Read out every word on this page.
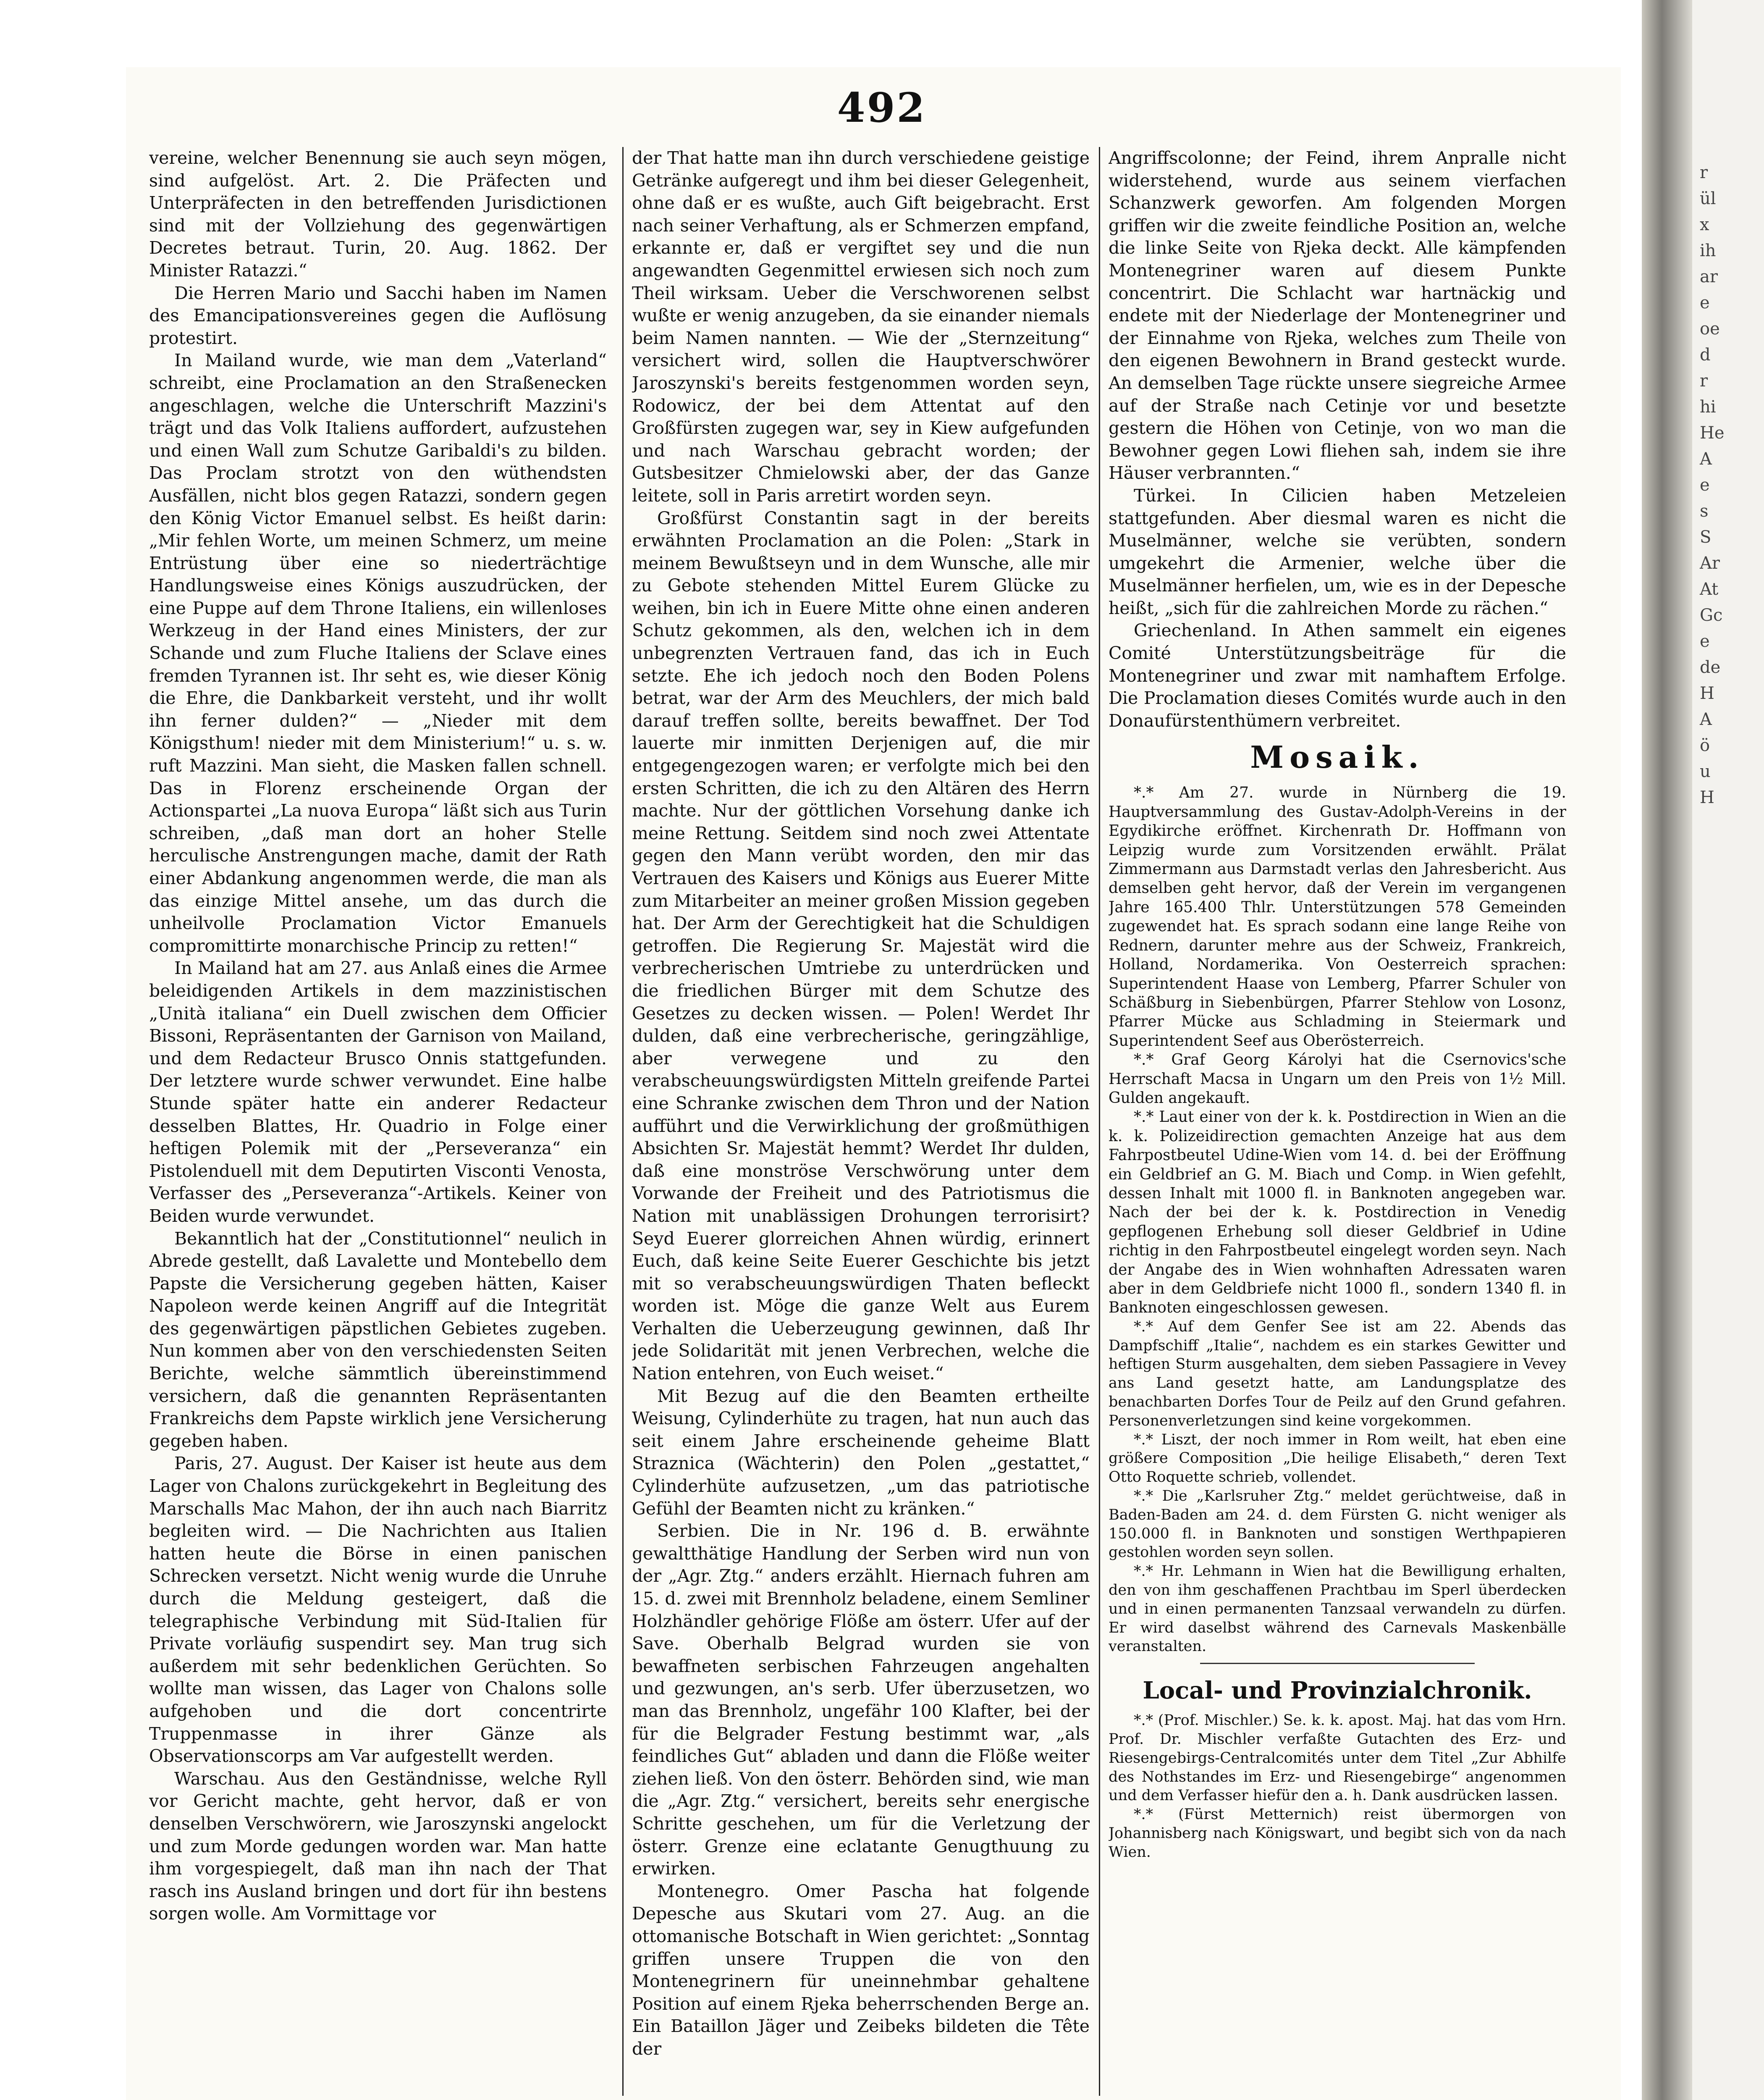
r
ül
x
ih
ar
e
oe
d
r
hi
He
A
e
s
S
Ar
At
Gc
e
de
H
A
ö
u
H
492

vereine, welcher Benennung sie auch seyn mögen, sind aufgelöst. Art. 2. Die Präfecten und Unterpräfecten in den betreffenden Jurisdictionen sind mit der Vollziehung des gegenwärtigen Decretes betraut. Turin, 20. Aug. 1862. Der Minister Ratazzi.“

Die Herren Mario und Sacchi haben im Namen des Emancipationsvereines gegen die Auflösung protestirt.

In Mailand wurde, wie man dem „Vaterland“ schreibt, eine Proclamation an den Straßenecken angeschlagen, welche die Unterschrift Mazzini's trägt und das Volk Italiens auffordert, aufzustehen und einen Wall zum Schutze Garibaldi's zu bilden. Das Proclam strotzt von den wüthendsten Ausfällen, nicht blos gegen Ratazzi, sondern gegen den König Victor Emanuel selbst. Es heißt darin: „Mir fehlen Worte, um meinen Schmerz, um meine Entrüstung über eine so niederträchtige Handlungsweise eines Königs auszudrücken, der eine Puppe auf dem Throne Italiens, ein willenloses Werkzeug in der Hand eines Ministers, der zur Schande und zum Fluche Italiens der Sclave eines fremden Tyrannen ist. Ihr seht es, wie dieser König die Ehre, die Dankbarkeit versteht, und ihr wollt ihn ferner dulden?“ — „Nieder mit dem Königsthum! nieder mit dem Ministerium!“ u. s. w. ruft Mazzini. Man sieht, die Masken fallen schnell. Das in Florenz erscheinende Organ der Actionspartei „La nuova Europa“ läßt sich aus Turin schreiben, „daß man dort an hoher Stelle herculische Anstrengungen mache, damit der Rath einer Abdankung angenommen werde, die man als das einzige Mittel ansehe, um das durch die unheilvolle Proclamation Victor Emanuels compromittirte monarchische Princip zu retten!“

In Mailand hat am 27. aus Anlaß eines die Armee beleidigenden Artikels in dem mazzinistischen „Unità italiana“ ein Duell zwischen dem Officier Bissoni, Repräsentanten der Garnison von Mailand, und dem Redacteur Brusco Onnis stattgefunden. Der letztere wurde schwer verwundet. Eine halbe Stunde später hatte ein anderer Redacteur desselben Blattes, Hr. Quadrio in Folge einer heftigen Polemik mit der „Perseveranza“ ein Pistolenduell mit dem Deputirten Visconti Venosta, Verfasser des „Perseveranza“-Artikels. Keiner von Beiden wurde verwundet.

Bekanntlich hat der „Constitutionnel“ neulich in Abrede gestellt, daß Lavalette und Montebello dem Papste die Versicherung gegeben hätten, Kaiser Napoleon werde keinen Angriff auf die Integrität des gegenwärtigen päpstlichen Gebietes zugeben. Nun kommen aber von den verschiedensten Seiten Berichte, welche sämmtlich übereinstimmend versichern, daß die genannten Repräsentanten Frankreichs dem Papste wirklich jene Versicherung gegeben haben.

Paris, 27. August. Der Kaiser ist heute aus dem Lager von Chalons zurückgekehrt in Begleitung des Marschalls Mac Mahon, der ihn auch nach Biarritz begleiten wird. — Die Nachrichten aus Italien hatten heute die Börse in einen panischen Schrecken versetzt. Nicht wenig wurde die Unruhe durch die Meldung gesteigert, daß die telegraphische Verbindung mit Süd-Italien für Private vorläufig suspendirt sey. Man trug sich außerdem mit sehr bedenklichen Gerüchten. So wollte man wissen, das Lager von Chalons solle aufgehoben und die dort concentrirte Truppenmasse in ihrer Gänze als Observationscorps am Var aufgestellt werden.

Warschau. Aus den Geständnisse, welche Ryll vor Gericht machte, geht hervor, daß er von denselben Verschwörern, wie Jaroszynski angelockt und zum Morde gedungen worden war. Man hatte ihm vorgespiegelt, daß man ihn nach der That rasch ins Ausland bringen und dort für ihn bestens sorgen wolle. Am Vormittage vor

der That hatte man ihn durch verschiedene geistige Getränke aufgeregt und ihm bei dieser Gelegenheit, ohne daß er es wußte, auch Gift beigebracht. Erst nach seiner Verhaftung, als er Schmerzen empfand, erkannte er, daß er vergiftet sey und die nun angewandten Gegenmittel erwiesen sich noch zum Theil wirksam. Ueber die Verschworenen selbst wußte er wenig anzugeben, da sie einander niemals beim Namen nannten. — Wie der „Sternzeitung“ versichert wird, sollen die Hauptverschwörer Jaroszynski's bereits festgenommen worden seyn, Rodowicz, der bei dem Attentat auf den Großfürsten zugegen war, sey in Kiew aufgefunden und nach Warschau gebracht worden; der Gutsbesitzer Chmielowski aber, der das Ganze leitete, soll in Paris arretirt worden seyn.

Großfürst Constantin sagt in der bereits erwähnten Proclamation an die Polen: „Stark in meinem Bewußtseyn und in dem Wunsche, alle mir zu Gebote stehenden Mittel Eurem Glücke zu weihen, bin ich in Euere Mitte ohne einen anderen Schutz gekommen, als den, welchen ich in dem unbegrenzten Vertrauen fand, das ich in Euch setzte. Ehe ich jedoch noch den Boden Polens betrat, war der Arm des Meuchlers, der mich bald darauf treffen sollte, bereits bewaffnet. Der Tod lauerte mir inmitten Derjenigen auf, die mir entgegengezogen waren; er verfolgte mich bei den ersten Schritten, die ich zu den Altären des Herrn machte. Nur der göttlichen Vorsehung danke ich meine Rettung. Seitdem sind noch zwei Attentate gegen den Mann verübt worden, den mir das Vertrauen des Kaisers und Königs aus Euerer Mitte zum Mitarbeiter an meiner großen Mission gegeben hat. Der Arm der Gerechtigkeit hat die Schuldigen getroffen. Die Regierung Sr. Majestät wird die verbrecherischen Umtriebe zu unterdrücken und die friedlichen Bürger mit dem Schutze des Gesetzes zu decken wissen. — Polen! Werdet Ihr dulden, daß eine verbrecherische, geringzählige, aber verwegene und zu den verabscheuungswürdigsten Mitteln greifende Partei eine Schranke zwischen dem Thron und der Nation aufführt und die Verwirklichung der großmüthigen Absichten Sr. Majestät hemmt? Werdet Ihr dulden, daß eine monströse Verschwörung unter dem Vorwande der Freiheit und des Patriotismus die Nation mit unablässigen Drohungen terrorisirt? Seyd Euerer glorreichen Ahnen würdig, erinnert Euch, daß keine Seite Euerer Geschichte bis jetzt mit so verabscheuungswürdigen Thaten befleckt worden ist. Möge die ganze Welt aus Eurem Verhalten die Ueberzeugung gewinnen, daß Ihr jede Solidarität mit jenen Verbrechen, welche die Nation entehren, von Euch weiset.“

Mit Bezug auf die den Beamten ertheilte Weisung, Cylinderhüte zu tragen, hat nun auch das seit einem Jahre erscheinende geheime Blatt Straznica (Wächterin) den Polen „gestattet,“ Cylinderhüte aufzusetzen, „um das patriotische Gefühl der Beamten nicht zu kränken.“

Serbien. Die in Nr. 196 d. B. erwähnte gewaltthätige Handlung der Serben wird nun von der „Agr. Ztg.“ anders erzählt. Hiernach fuhren am 15. d. zwei mit Brennholz beladene, einem Semliner Holzhändler gehörige Flöße am österr. Ufer auf der Save. Oberhalb Belgrad wurden sie von bewaffneten serbischen Fahrzeugen angehalten und gezwungen, an's serb. Ufer überzusetzen, wo man das Brennholz, ungefähr 100 Klafter, bei der für die Belgrader Festung bestimmt war, „als feindliches Gut“ abladen und dann die Flöße weiter ziehen ließ. Von den österr. Behörden sind, wie man die „Agr. Ztg.“ versichert, bereits sehr energische Schritte geschehen, um für die Verletzung der österr. Grenze eine eclatante Genugthuung zu erwirken.

Montenegro. Omer Pascha hat folgende Depesche aus Skutari vom 27. Aug. an die ottomanische Botschaft in Wien gerichtet: „Sonntag griffen unsere Truppen die von den Montenegrinern für uneinnehmbar gehaltene Position auf einem Rjeka beherrschenden Berge an. Ein Bataillon Jäger und Zeibeks bildeten die Tête der

Angriffscolonne; der Feind, ihrem Anpralle nicht widerstehend, wurde aus seinem vierfachen Schanzwerk geworfen. Am folgenden Morgen griffen wir die zweite feindliche Position an, welche die linke Seite von Rjeka deckt. Alle kämpfenden Montenegriner waren auf diesem Punkte concentrirt. Die Schlacht war hartnäckig und endete mit der Niederlage der Montenegriner und der Einnahme von Rjeka, welches zum Theile von den eigenen Bewohnern in Brand gesteckt wurde. An demselben Tage rückte unsere siegreiche Armee auf der Straße nach Cetinje vor und besetzte gestern die Höhen von Cetinje, von wo man die Bewohner gegen Lowi fliehen sah, indem sie ihre Häuser verbrannten.“

Türkei. In Cilicien haben Metzeleien stattgefunden. Aber diesmal waren es nicht die Muselmänner, welche sie verübten, sondern umgekehrt die Armenier, welche über die Muselmänner herfielen, um, wie es in der Depesche heißt, „sich für die zahlreichen Morde zu rächen.“

Griechenland. In Athen sammelt ein eigenes Comité Unterstützungsbeiträge für die Montenegriner und zwar mit namhaftem Erfolge. Die Proclamation dieses Comités wurde auch in den Donaufürstenthümern verbreitet.

Mosaik.

*.* Am 27. wurde in Nürnberg die 19. Hauptversammlung des Gustav-Adolph-Vereins in der Egydikirche eröffnet. Kirchenrath Dr. Hoffmann von Leipzig wurde zum Vorsitzenden erwählt. Prälat Zimmermann aus Darmstadt verlas den Jahresbericht. Aus demselben geht hervor, daß der Verein im vergangenen Jahre 165.400 Thlr. Unterstützungen 578 Gemeinden zugewendet hat. Es sprach sodann eine lange Reihe von Rednern, darunter mehre aus der Schweiz, Frankreich, Holland, Nordamerika. Von Oesterreich sprachen: Superintendent Haase von Lemberg, Pfarrer Schuler von Schäßburg in Siebenbürgen, Pfarrer Stehlow von Losonz, Pfarrer Mücke aus Schladming in Steiermark und Superintendent Seef aus Oberösterreich.

*.* Graf Georg Károlyi hat die Csernovics'sche Herrschaft Macsa in Ungarn um den Preis von 1½ Mill. Gulden angekauft.

*.* Laut einer von der k. k. Postdirection in Wien an die k. k. Polizeidirection gemachten Anzeige hat aus dem Fahrpostbeutel Udine-Wien vom 14. d. bei der Eröffnung ein Geldbrief an G. M. Biach und Comp. in Wien gefehlt, dessen Inhalt mit 1000 fl. in Banknoten angegeben war. Nach der bei der k. k. Postdirection in Venedig gepflogenen Erhebung soll dieser Geldbrief in Udine richtig in den Fahrpostbeutel eingelegt worden seyn. Nach der Angabe des in Wien wohnhaften Adressaten waren aber in dem Geldbriefe nicht 1000 fl., sondern 1340 fl. in Banknoten eingeschlossen gewesen.

*.* Auf dem Genfer See ist am 22. Abends das Dampfschiff „Italie“, nachdem es ein starkes Gewitter und heftigen Sturm ausgehalten, dem sieben Passagiere in Vevey ans Land gesetzt hatte, am Landungsplatze des benachbarten Dorfes Tour de Peilz auf den Grund gefahren. Personenverletzungen sind keine vorgekommen.

*.* Liszt, der noch immer in Rom weilt, hat eben eine größere Composition „Die heilige Elisabeth,“ deren Text Otto Roquette schrieb, vollendet.

*.* Die „Karlsruher Ztg.“ meldet gerüchtweise, daß in Baden-Baden am 24. d. dem Fürsten G. nicht weniger als 150.000 fl. in Banknoten und sonstigen Werthpapieren gestohlen worden seyn sollen.

*.* Hr. Lehmann in Wien hat die Bewilligung erhalten, den von ihm geschaffenen Prachtbau im Sperl überdecken und in einen permanenten Tanzsaal verwandeln zu dürfen. Er wird daselbst während des Carnevals Maskenbälle veranstalten.

Local- und Provinzialchronik.

*.* (Prof. Mischler.) Se. k. k. apost. Maj. hat das vom Hrn. Prof. Dr. Mischler verfaßte Gutachten des Erz- und Riesengebirgs-Centralcomités unter dem Titel „Zur Abhilfe des Nothstandes im Erz- und Riesengebirge“ angenommen und dem Verfasser hiefür den a. h. Dank ausdrücken lassen.

*.* (Fürst Metternich) reist übermorgen von Johannisberg nach Königswart, und begibt sich von da nach Wien.
